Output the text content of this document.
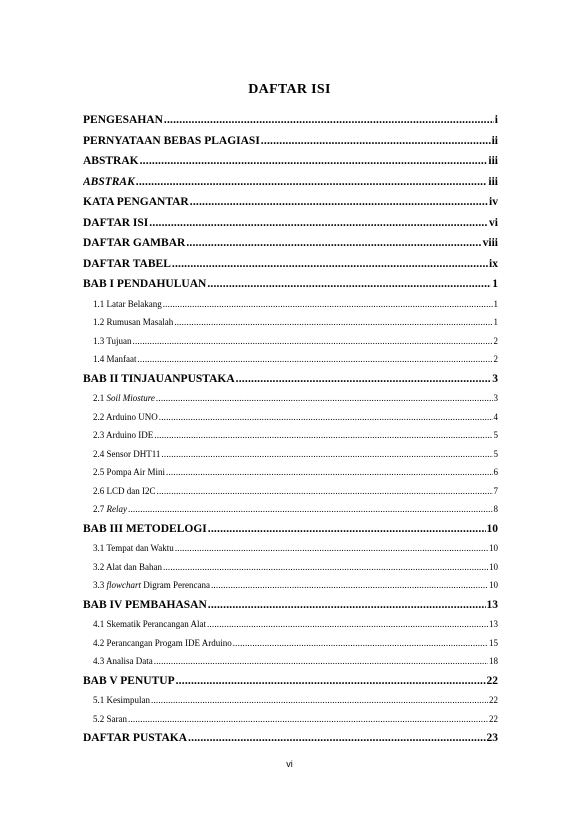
DAFTAR ISI
PENGESAHAN .....	i
PERNYATAAN BEBAS PLAGIASI .....	ii
ABSTRAK .....	iii
ABSTRAK .....	iii
KATA PENGANTAR .....	iv
DAFTAR ISI .....	vi
DAFTAR GAMBAR .....	viii
DAFTAR TABEL .....	ix
BAB I PENDAHULUAN .....	1
1.1 Latar Belakang .....	1
1.2 Rumusan Masalah .....	1
1.3 Tujuan .....	2
1.4 Manfaat .....	2
BAB II TINJAUANPUSTAKA .....	3
2.1 Soil Miosture .....	3
2.2 Arduino UNO .....	4
2.3 Arduino IDE .....	5
2.4 Sensor DHT11 .....	5
2.5 Pompa Air Mini .....	6
2.6 LCD dan I2C .....	7
2.7 Relay .....	8
BAB III METODELOGI .....	10
3.1 Tempat dan Waktu .....	10
3.2 Alat dan Bahan .....	10
3.3 flowchart Digram Perencana .....	10
BAB IV PEMBAHASAN .....	13
4.1 Skematik Perancangan Alat .....	13
4.2 Perancangan Progam IDE Arduino .....	15
4.3 Analisa Data .....	18
BAB V PENUTUP .....	22
5.1 Kesimpulan .....	22
5.2 Saran .....	22
DAFTAR PUSTAKA .....	23
vi
